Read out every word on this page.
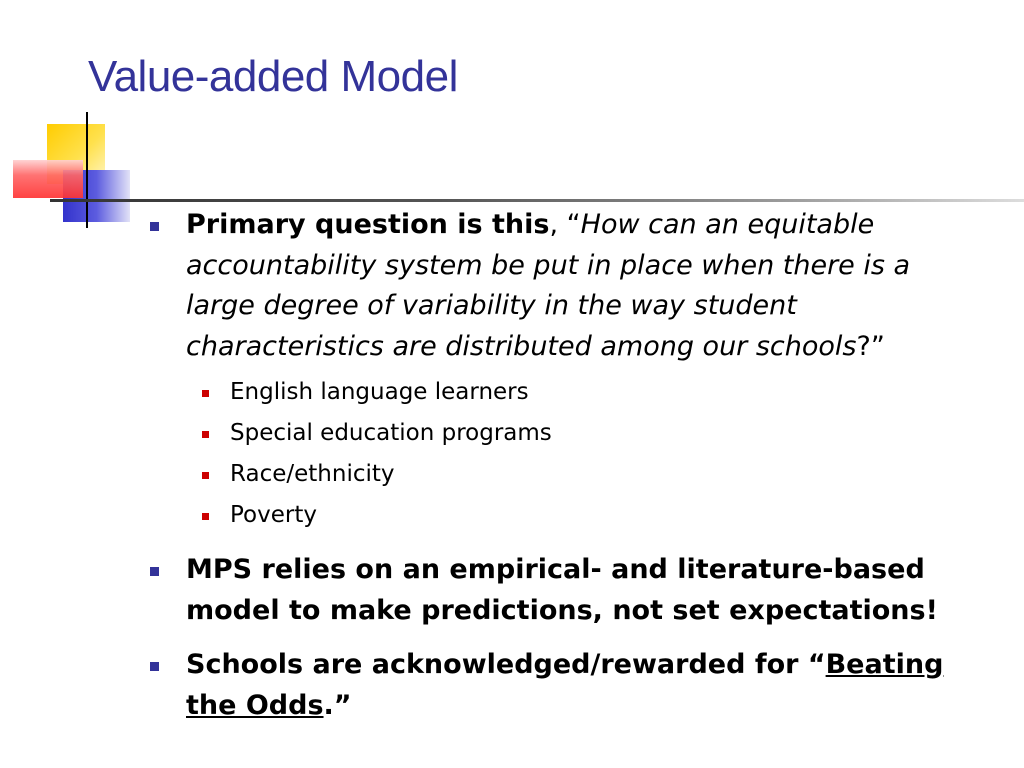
Value-added Model
Primary question is this, “How can an equitable accountability system be put in place when there is a large degree of variability in the way student characteristics are distributed among our schools?”
English language learners
Special education programs
Race/ethnicity
Poverty
MPS relies on an empirical- and literature-based model to make predictions, not set expectations!
Schools are acknowledged/rewarded for “Beating the Odds.”
